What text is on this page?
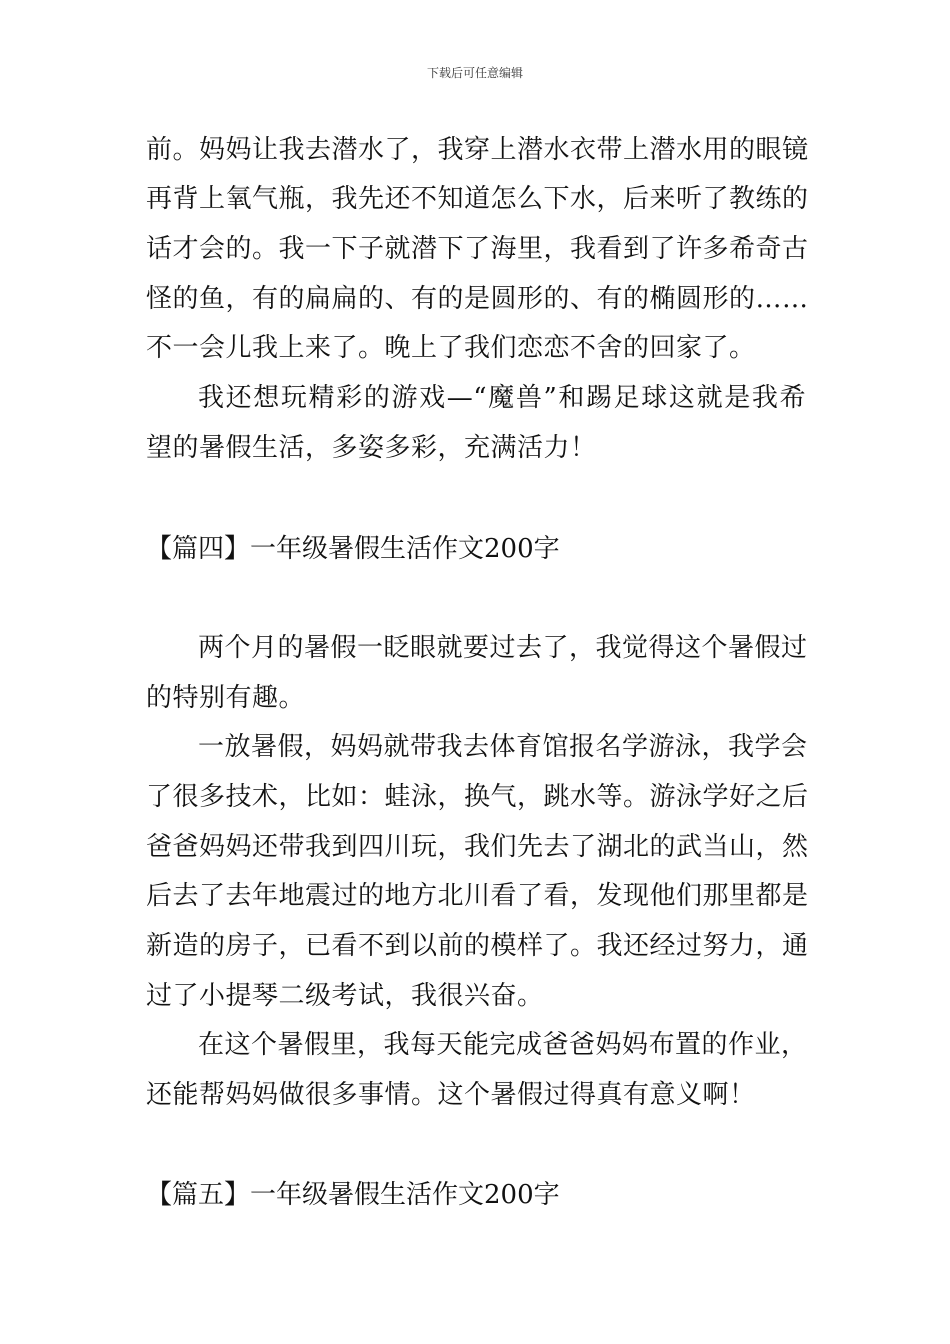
下载后可任意编辑
前。妈妈让我去潜水了，我穿上潜水衣带上潜水用的眼镜
再背上氧气瓶，我先还不知道怎么下水，后来听了教练的
话才会的。我一下子就潜下了海里，我看到了许多希奇古
怪的鱼，有的扁扁的、有的是圆形的、有的椭圆形的……
不一会儿我上来了。晚上了我们恋恋不舍的回家了。
我还想玩精彩的游戏—“魔兽”和踢足球这就是我希
望的暑假生活，多姿多彩，充满活力！
【篇四】一年级暑假生活作文200字
两个月的暑假一眨眼就要过去了，我觉得这个暑假过
的特别有趣。
一放暑假，妈妈就带我去体育馆报名学游泳，我学会
了很多技术，比如：蛙泳，换气，跳水等。游泳学好之后
爸爸妈妈还带我到四川玩，我们先去了湖北的武当山，然
后去了去年地震过的地方北川看了看，发现他们那里都是
新造的房子，已看不到以前的模样了。我还经过努力，通
过了小提琴二级考试，我很兴奋。
在这个暑假里，我每天能完成爸爸妈妈布置的作业，
还能帮妈妈做很多事情。这个暑假过得真有意义啊！
【篇五】一年级暑假生活作文200字
